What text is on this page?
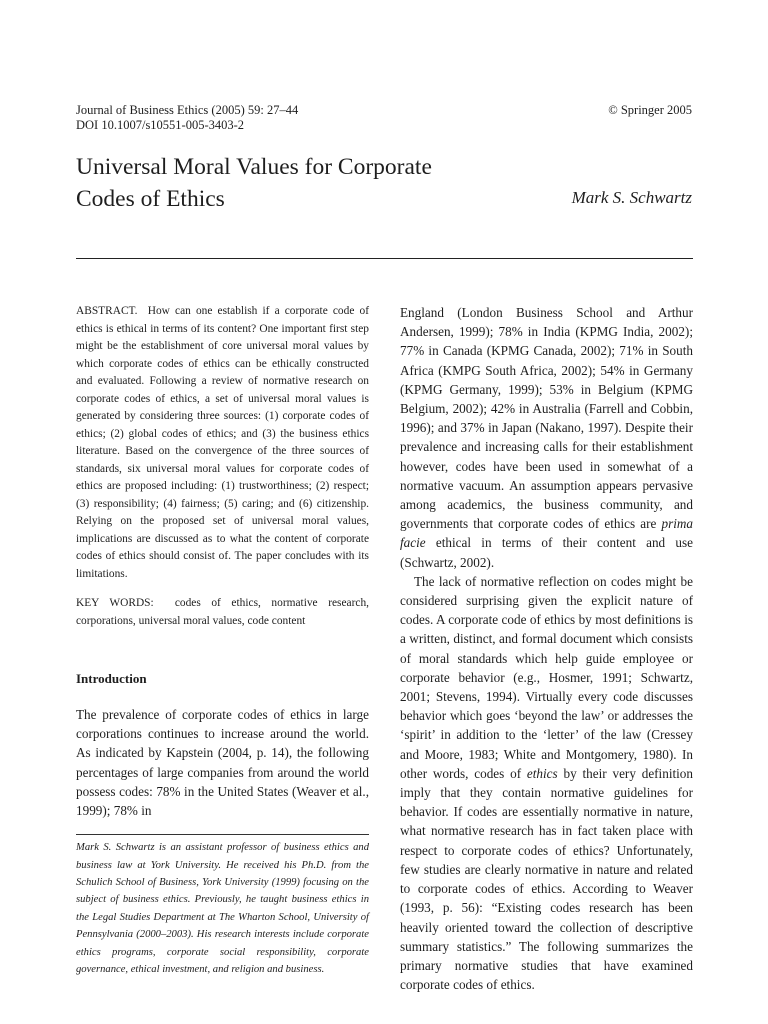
Journal of Business Ethics (2005) 59: 27–44
DOI 10.1007/s10551-005-3403-2
© Springer 2005
Universal Moral Values for Corporate
Codes of Ethics	Mark S. Schwartz

ABSTRACT. How can one establish if a corporate code of ethics is ethical in terms of its content? One important first step might be the establishment of core universal moral values by which corporate codes of ethics can be ethically constructed and evaluated. Following a review of normative research on corporate codes of ethics, a set of universal moral values is generated by considering three sources: (1) corporate codes of ethics; (2) global codes of ethics; and (3) the business ethics literature. Based on the convergence of the three sources of standards, six universal moral values for corporate codes of ethics are proposed including: (1) trustworthiness; (2) respect; (3) responsibility; (4) fairness; (5) caring; and (6) citizenship. Relying on the proposed set of universal moral values, implications are discussed as to what the content of corporate codes of ethics should consist of. The paper concludes with its limitations.

KEY WORDS: codes of ethics, normative research, corporations, universal moral values, code content

Introduction

The prevalence of corporate codes of ethics in large corporations continues to increase around the world. As indicated by Kapstein (2004, p. 14), the following percentages of large companies from around the world possess codes: 78% in the United States (Weaver et al., 1999); 78% in

Mark S. Schwartz is an assistant professor of business ethics and business law at York University. He received his Ph.D. from the Schulich School of Business, York University (1999) focusing on the subject of business ethics. Previously, he taught business ethics in the Legal Studies Department at The Wharton School, University of Pennsylvania (2000–2003). His research interests include corporate ethics programs, corporate social responsibility, corporate governance, ethical investment, and religion and business.

England (London Business School and Arthur Andersen, 1999); 78% in India (KPMG India, 2002); 77% in Canada (KPMG Canada, 2002); 71% in South Africa (KMPG South Africa, 2002); 54% in Germany (KPMG Germany, 1999); 53% in Belgium (KPMG Belgium, 2002); 42% in Australia (Farrell and Cobbin, 1996); and 37% in Japan (Nakano, 1997). Despite their prevalence and increasing calls for their establishment however, codes have been used in somewhat of a normative vacuum. An assumption appears pervasive among academics, the business community, and governments that corporate codes of ethics are prima facie ethical in terms of their content and use (Schwartz, 2002).

The lack of normative reflection on codes might be considered surprising given the explicit nature of codes. A corporate code of ethics by most definitions is a written, distinct, and formal document which consists of moral standards which help guide employee or corporate behavior (e.g., Hosmer, 1991; Schwartz, 2001; Stevens, 1994). Virtually every code discusses behavior which goes ‘beyond the law’ or addresses the ‘spirit’ in addition to the ‘letter’ of the law (Cressey and Moore, 1983; White and Montgomery, 1980). In other words, codes of ethics by their very definition imply that they contain normative guidelines for behavior. If codes are essentially normative in nature, what normative research has in fact taken place with respect to corporate codes of ethics? Unfortunately, few studies are clearly normative in nature and related to corporate codes of ethics. According to Weaver (1993, p. 56): “Existing codes research has been heavily oriented toward the collection of descriptive summary statistics.” The following summarizes the primary normative studies that have examined corporate codes of ethics.
